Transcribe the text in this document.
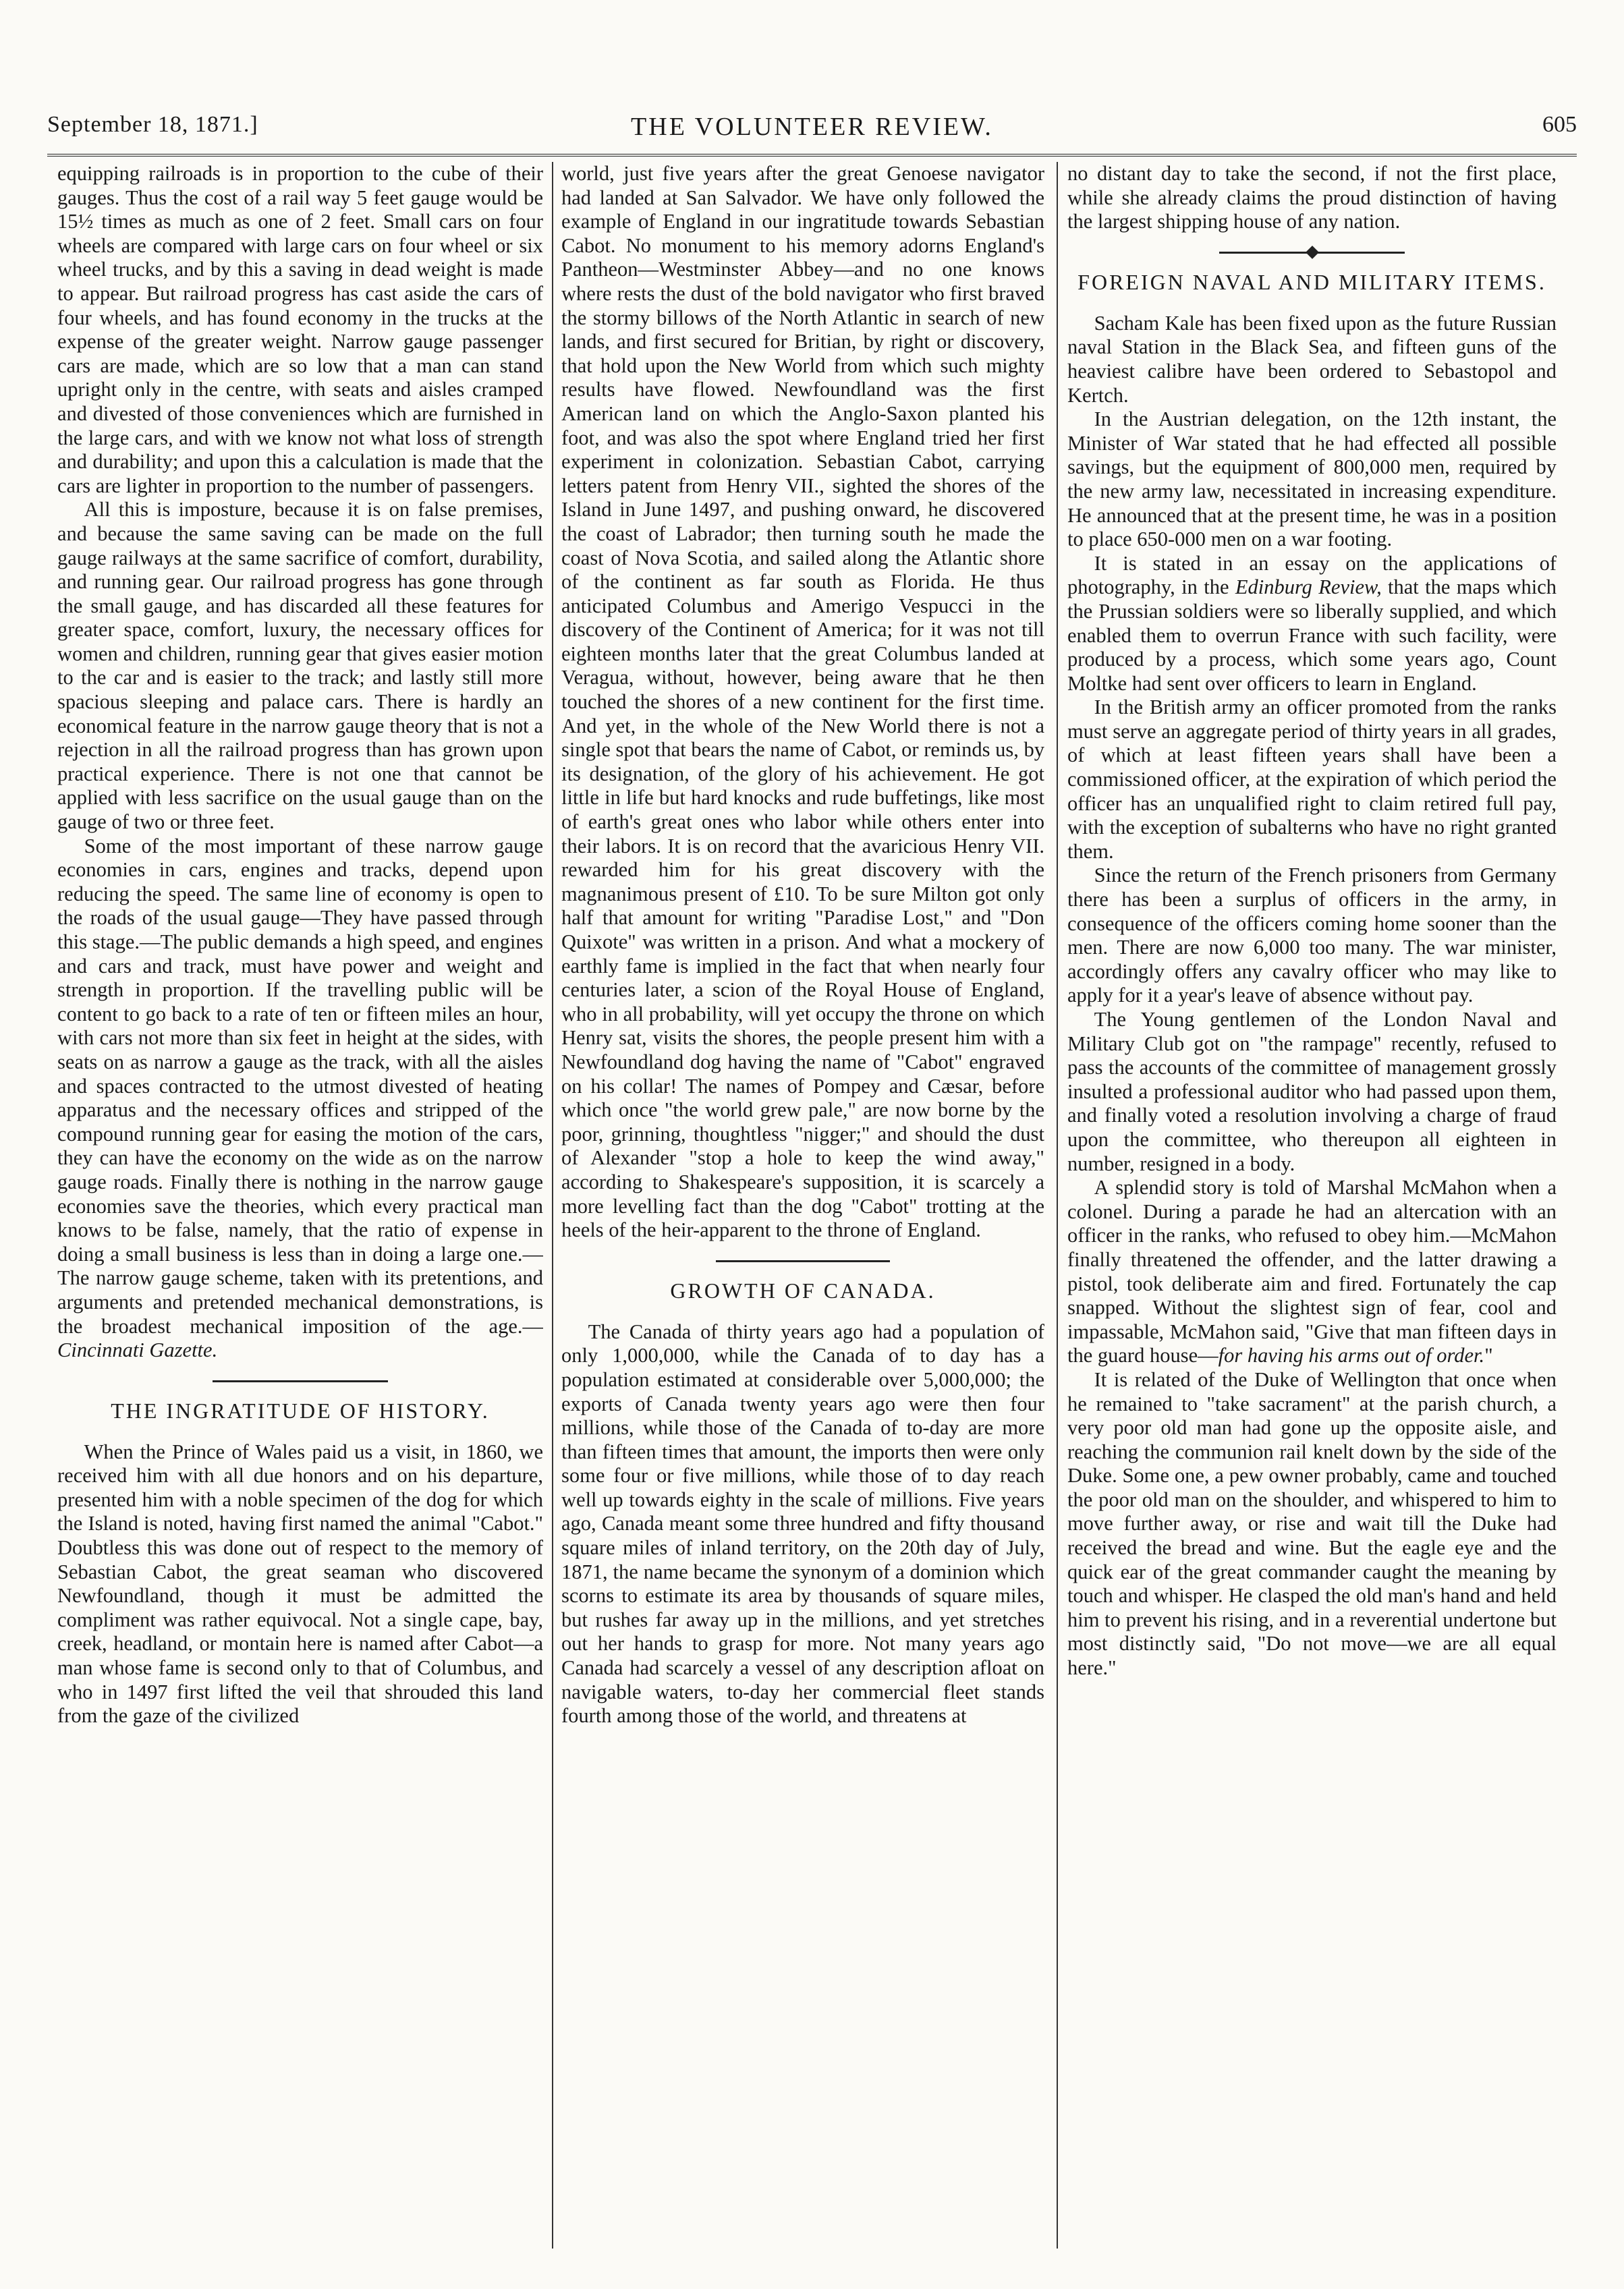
September 18, 1871.]	THE VOLUNTEER REVIEW.	605

equipping railroads is in proportion to the cube of their gauges. Thus the cost of a rail way 5 feet gauge would be 15½ times as much as one of 2 feet. Small cars on four wheels are compared with large cars on four wheel or six wheel trucks, and by this a saving in dead weight is made to appear. But railroad progress has cast aside the cars of four wheels, and has found economy in the trucks at the expense of the greater weight. Narrow gauge passenger cars are made, which are so low that a man can stand upright only in the centre, with seats and aisles cramped and divested of those conveniences which are furnished in the large cars, and with we know not what loss of strength and durability; and upon this a calculation is made that the cars are lighter in proportion to the number of passengers.

All this is imposture, because it is on false premises, and because the same saving can be made on the full gauge railways at the same sacrifice of comfort, durability, and running gear. Our railroad progress has gone through the small gauge, and has discarded all these features for greater space, comfort, luxury, the necessary offices for women and children, running gear that gives easier motion to the car and is easier to the track; and lastly still more spacious sleeping and palace cars. There is hardly an economical feature in the narrow gauge theory that is not a rejection in all the railroad progress than has grown upon practical experience. There is not one that cannot be applied with less sacrifice on the usual gauge than on the gauge of two or three feet.

Some of the most important of these narrow gauge economies in cars, engines and tracks, depend upon reducing the speed. The same line of economy is open to the roads of the usual gauge—They have passed through this stage.—The public demands a high speed, and engines and cars and track, must have power and weight and strength in proportion. If the travelling public will be content to go back to a rate of ten or fifteen miles an hour, with cars not more than six feet in height at the sides, with seats on as narrow a gauge as the track, with all the aisles and spaces contracted to the utmost divested of heating apparatus and the necessary offices and stripped of the compound running gear for easing the motion of the cars, they can have the economy on the wide as on the narrow gauge roads. Finally there is nothing in the narrow gauge economies save the theories, which every practical man knows to be false, namely, that the ratio of expense in doing a small business is less than in doing a large one.—The narrow gauge scheme, taken with its pretentions, and arguments and pretended mechanical demonstrations, is the broadest mechanical imposition of the age.—Cincinnati Gazette.

THE INGRATITUDE OF HISTORY.

When the Prince of Wales paid us a visit, in 1860, we received him with all due honors and on his departure, presented him with a noble specimen of the dog for which the Island is noted, having first named the animal "Cabot." Doubtless this was done out of respect to the memory of Sebastian Cabot, the great seaman who discovered Newfoundland, though it must be admitted the compliment was rather equivocal. Not a single cape, bay, creek, headland, or montain here is named after Cabot—a man whose fame is second only to that of Columbus, and who in 1497 first lifted the veil that shrouded this land from the gaze of the civilized

world, just five years after the great Genoese navigator had landed at San Salvador. We have only followed the example of England in our ingratitude towards Sebastian Cabot. No monument to his memory adorns England's Pantheon—Westminster Abbey—and no one knows where rests the dust of the bold navigator who first braved the stormy billows of the North Atlantic in search of new lands, and first secured for Britian, by right or discovery, that hold upon the New World from which such mighty results have flowed. Newfoundland was the first American land on which the Anglo-Saxon planted his foot, and was also the spot where England tried her first experiment in colonization. Sebastian Cabot, carrying letters patent from Henry VII., sighted the shores of the Island in June 1497, and pushing onward, he discovered the coast of Labrador; then turning south he made the coast of Nova Scotia, and sailed along the Atlantic shore of the continent as far south as Florida. He thus anticipated Columbus and Amerigo Vespucci in the discovery of the Continent of America; for it was not till eighteen months later that the great Columbus landed at Veragua, without, however, being aware that he then touched the shores of a new continent for the first time. And yet, in the whole of the New World there is not a single spot that bears the name of Cabot, or reminds us, by its designation, of the glory of his achievement. He got little in life but hard knocks and rude buffetings, like most of earth's great ones who labor while others enter into their labors. It is on record that the avaricious Henry VII. rewarded him for his great discovery with the magnanimous present of £10. To be sure Milton got only half that amount for writing "Paradise Lost," and "Don Quixote" was written in a prison. And what a mockery of earthly fame is implied in the fact that when nearly four centuries later, a scion of the Royal House of England, who in all probability, will yet occupy the throne on which Henry sat, visits the shores, the people present him with a Newfoundland dog having the name of "Cabot" engraved on his collar! The names of Pompey and Cæsar, before which once "the world grew pale," are now borne by the poor, grinning, thoughtless "nigger;" and should the dust of Alexander "stop a hole to keep the wind away," according to Shakespeare's supposition, it is scarcely a more levelling fact than the dog "Cabot" trotting at the heels of the heir-apparent to the throne of England.

GROWTH OF CANADA.

The Canada of thirty years ago had a population of only 1,000,000, while the Canada of to day has a population estimated at considerable over 5,000,000; the exports of Canada twenty years ago were then four millions, while those of the Canada of to-day are more than fifteen times that amount, the imports then were only some four or five millions, while those of to day reach well up towards eighty in the scale of millions. Five years ago, Canada meant some three hundred and fifty thousand square miles of inland territory, on the 20th day of July, 1871, the name became the synonym of a dominion which scorns to estimate its area by thousands of square miles, but rushes far away up in the millions, and yet stretches out her hands to grasp for more. Not many years ago Canada had scarcely a vessel of any description afloat on navigable waters, to-day her commercial fleet stands fourth among those of the world, and threatens at

no distant day to take the second, if not the first place, while she already claims the proud distinction of having the largest shipping house of any nation.

FOREIGN NAVAL AND MILITARY ITEMS.

Sacham Kale has been fixed upon as the future Russian naval Station in the Black Sea, and fifteen guns of the heaviest calibre have been ordered to Sebastopol and Kertch.

In the Austrian delegation, on the 12th instant, the Minister of War stated that he had effected all possible savings, but the equipment of 800,000 men, required by the new army law, necessitated in increasing expenditure. He announced that at the present time, he was in a position to place 650-000 men on a war footing.

It is stated in an essay on the applications of photography, in the Edinburg Review, that the maps which the Prussian soldiers were so liberally supplied, and which enabled them to overrun France with such facility, were produced by a process, which some years ago, Count Moltke had sent over officers to learn in England.

In the British army an officer promoted from the ranks must serve an aggregate period of thirty years in all grades, of which at least fifteen years shall have been a commissioned officer, at the expiration of which period the officer has an unqualified right to claim retired full pay, with the exception of subalterns who have no right granted them.

Since the return of the French prisoners from Germany there has been a surplus of officers in the army, in consequence of the officers coming home sooner than the men. There are now 6,000 too many. The war minister, accordingly offers any cavalry officer who may like to apply for it a year's leave of absence without pay.

The Young gentlemen of the London Naval and Military Club got on "the rampage" recently, refused to pass the accounts of the committee of management grossly insulted a professional auditor who had passed upon them, and finally voted a resolution involving a charge of fraud upon the committee, who thereupon all eighteen in number, resigned in a body.

A splendid story is told of Marshal McMahon when a colonel. During a parade he had an altercation with an officer in the ranks, who refused to obey him.—McMahon finally threatened the offender, and the latter drawing a pistol, took deliberate aim and fired. Fortunately the cap snapped. Without the slightest sign of fear, cool and impassable, McMahon said, "Give that man fifteen days in the guard house—for having his arms out of order."

It is related of the Duke of Wellington that once when he remained to "take sacrament" at the parish church, a very poor old man had gone up the opposite aisle, and reaching the communion rail knelt down by the side of the Duke. Some one, a pew owner probably, came and touched the poor old man on the shoulder, and whispered to him to move further away, or rise and wait till the Duke had received the bread and wine. But the eagle eye and the quick ear of the great commander caught the meaning by touch and whisper. He clasped the old man's hand and held him to prevent his rising, and in a reverential undertone but most distinctly said, "Do not move—we are all equal here."
